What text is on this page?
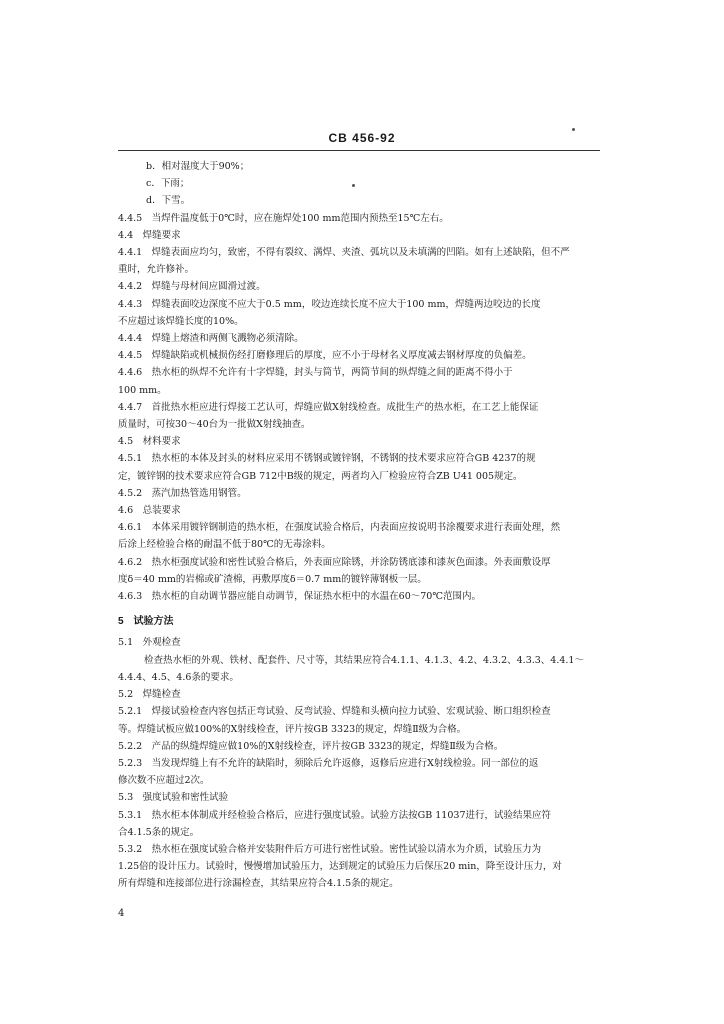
CB 456-92
b．相对湿度大于90%；
c．下雨；
d．下雪。
4.4.5　当焊件温度低于0℃时，应在施焊处100 mm范围内预热至15℃左右。
4.4　焊缝要求
4.4.1　焊缝表面应均匀，致密，不得有裂纹、满焊、夹渣、弧坑以及未填满的凹陷。如有上述缺陷，但不严
重时，允许修补。
4.4.2　焊缝与母材间应圆滑过渡。
4.4.3　焊缝表面咬边深度不应大于0.5 mm，咬边连续长度不应大于100 mm，焊缝两边咬边的长度
不应超过该焊缝长度的10%。
4.4.4　焊缝上熔渣和两侧飞溅物必须清除。
4.4.5　焊缝缺陷或机械损伤经打磨修理后的厚度，应不小于母材名义厚度减去钢材厚度的负偏差。
4.4.6　热水柜的纵焊不允许有十字焊缝，封头与筒节，两筒节间的纵焊缝之间的距离不得小于
100 mm。
4.4.7　首批热水柜应进行焊接工艺认可，焊缝应做X射线检查。成批生产的热水柜，在工艺上能保证
质量时，可按30～40台为一批做X射线抽查。
4.5　材料要求
4.5.1　热水柜的本体及封头的材料应采用不锈钢或镀锌钢，不锈钢的技术要求应符合GB 4237的规
定，镀锌钢的技术要求应符合GB 712中B级的规定，两者均入厂检验应符合ZB U41 005规定。
4.5.2　蒸汽加热管选用钢管。
4.6　总装要求
4.6.1　本体采用镀锌钢制造的热水柜，在强度试验合格后，内表面应按说明书涂覆要求进行表面处理，然
后涂上经检验合格的耐温不低于80℃的无毒涂料。
4.6.2　热水柜强度试验和密性试验合格后，外表面应除锈，并涂防锈底漆和漆灰色面漆。外表面敷设厚
度δ＝40 mm的岩棉或矿渣棉，再敷厚度δ＝0.7 mm的镀锌薄钢板一层。
4.6.3　热水柜的自动调节器应能自动调节，保证热水柜中的水温在60～70℃范围内。
5　试验方法
5.1　外观检查
检查热水柜的外观、铁材、配套件、尺寸等，其结果应符合4.1.1、4.1.3、4.2、4.3.2、4.3.3、4.4.1～
4.4.4、4.5、4.6条的要求。
5.2　焊缝检查
5.2.1　焊接试验检查内容包括正弯试验、反弯试验、焊缝和头横向拉力试验、宏观试验、断口组织检查
等。焊缝试板应做100%的X射线检查，评片按GB 3323的规定，焊缝Ⅱ级为合格。
5.2.2　产品的纵缝焊缝应做10%的X射线检查，评片按GB 3323的规定，焊缝Ⅱ级为合格。
5.2.3　当发现焊缝上有不允许的缺陷时，须除后允许返修，返修后应进行X射线检验。同一部位的返
修次数不应超过2次。
5.3　强度试验和密性试验
5.3.1　热水柜本体制成并经检验合格后，应进行强度试验。试验方法按GB 11037进行，试验结果应符
合4.1.5条的规定。
5.3.2　热水柜在强度试验合格并安装附件后方可进行密性试验。密性试验以清水为介质，试验压力为
1.25倍的设计压力。试验时，慢慢增加试验压力，达到规定的试验压力后保压20 min，降至设计压力，对
所有焊缝和连接部位进行涂漏检查，其结果应符合4.1.5条的规定。
4
